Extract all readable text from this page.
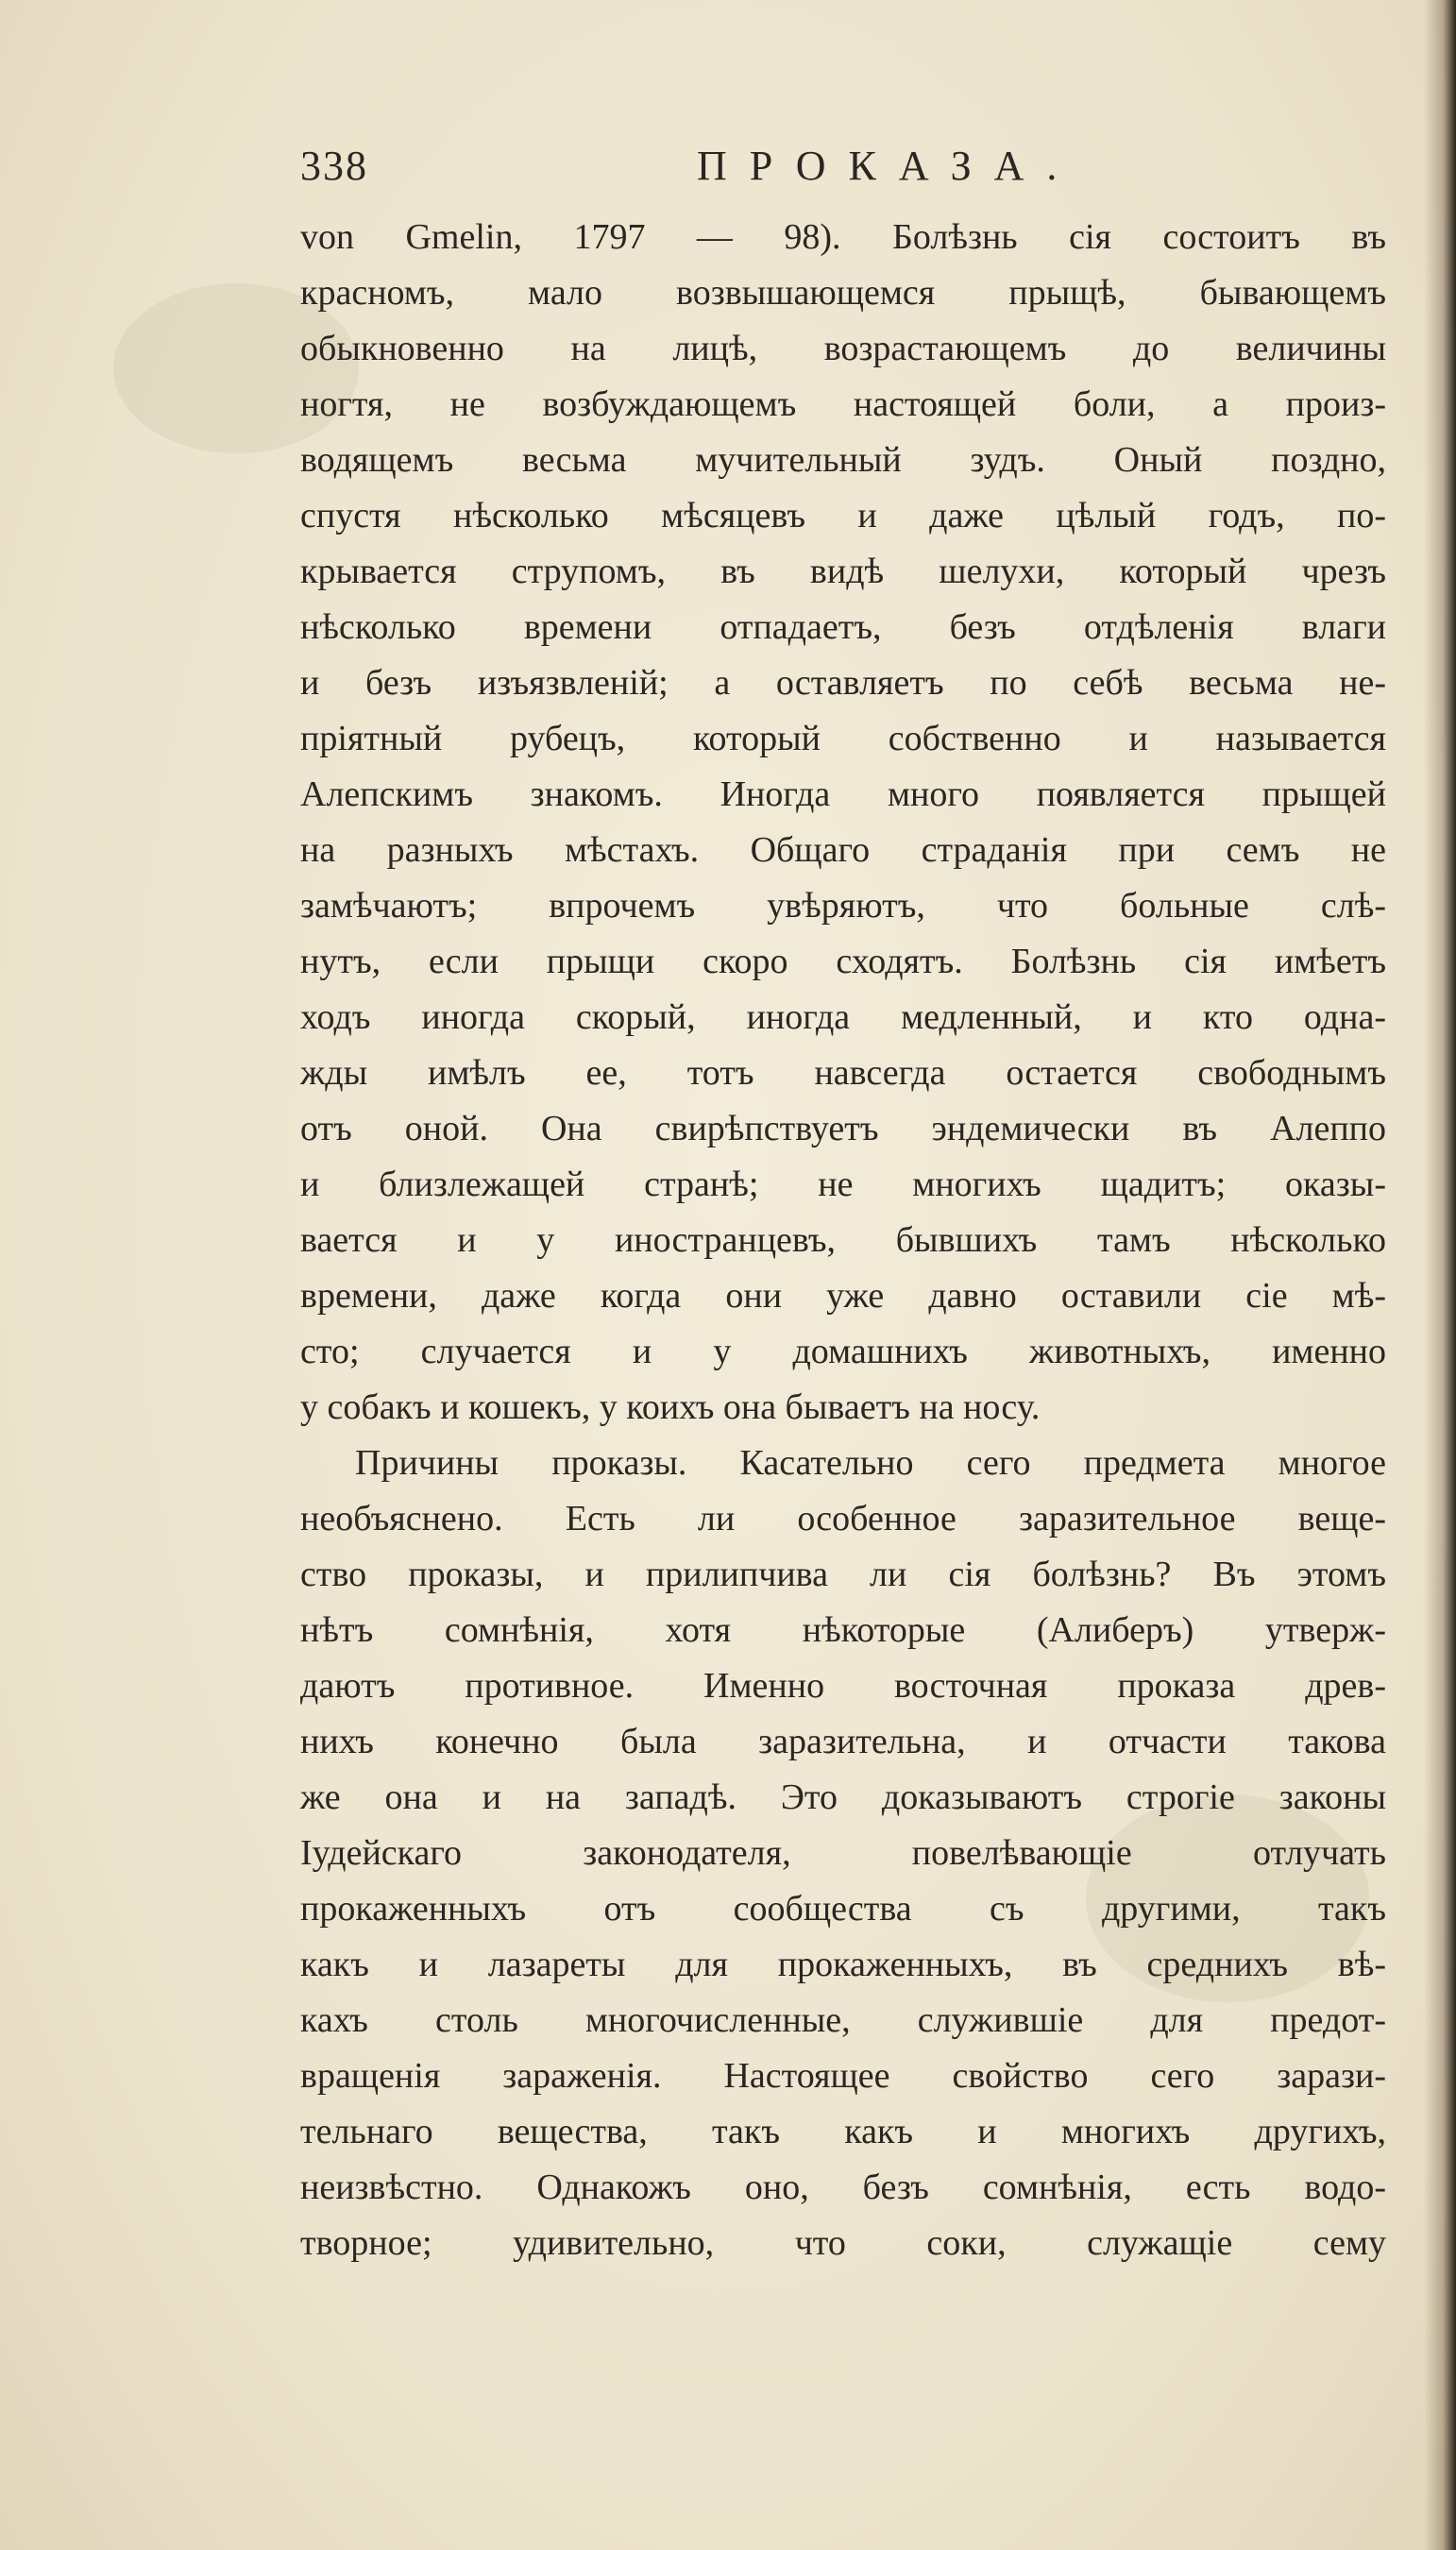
338	ПРОКАЗА.
von Gmelin, 1797 — 98). Болѣзнь сія состоитъ въ
красномъ, мало возвышающемся прыщѣ, бывающемъ
обыкновенно на лицѣ, возрастающемъ до величины
ногтя, не возбуждающемъ настоящей боли, а произ-
водящемъ весьма мучительный зудъ. Оный поздно,
спустя нѣсколько мѣсяцевъ и даже цѣлый годъ, по-
крывается струпомъ, въ видѣ шелухи, который чрезъ
нѣсколько времени отпадаетъ, безъ отдѣленія влаги
и безъ изъязвленій; а оставляетъ по себѣ весьма не-
пріятный рубецъ, который собственно и называется
Алепскимъ знакомъ. Иногда много появляется прыщей
на разныхъ мѣстахъ. Общаго страданія при семъ не
замѣчаютъ; впрочемъ увѣряютъ, что больные слѣ-
нутъ, если прыщи скоро сходятъ. Болѣзнь сія имѣетъ
ходъ иногда скорый, иногда медленный, и кто одна-
жды имѣлъ ее, тотъ навсегда остается свободнымъ
отъ оной. Она свирѣпствуетъ эндемически въ Алеппо
и близлежащей странѣ; не многихъ щадитъ; оказы-
вается и у иностранцевъ, бывшихъ тамъ нѣсколько
времени, даже когда они уже давно оставили сіе мѣ-
сто; случается и у домашнихъ животныхъ, именно
у собакъ и кошекъ, у коихъ она бываетъ на носу.
Причины проказы. Касательно сего предмета многое
необъяснено. Есть ли особенное заразительное веще-
ство проказы, и прилипчива ли сія болѣзнь? Въ этомъ
нѣтъ сомнѣнія, хотя нѣкоторые (Алиберъ) утверж-
даютъ противное. Именно восточная проказа древ-
нихъ конечно была заразительна, и отчасти такова
же она и на западѣ. Это доказываютъ строгіе законы
Іудейскаго законодателя, повелѣвающіе отлучать
прокаженныхъ отъ сообщества съ другими, такъ
какъ и лазареты для прокаженныхъ, въ среднихъ вѣ-
кахъ столь многочисленные, служившіе для предот-
вращенія зараженія. Настоящее свойство сего зарази-
тельнаго вещества, такъ какъ и многихъ другихъ,
неизвѣстно. Однакожъ оно, безъ сомнѣнія, есть водо-
творное; удивительно, что соки, служащіе сему
